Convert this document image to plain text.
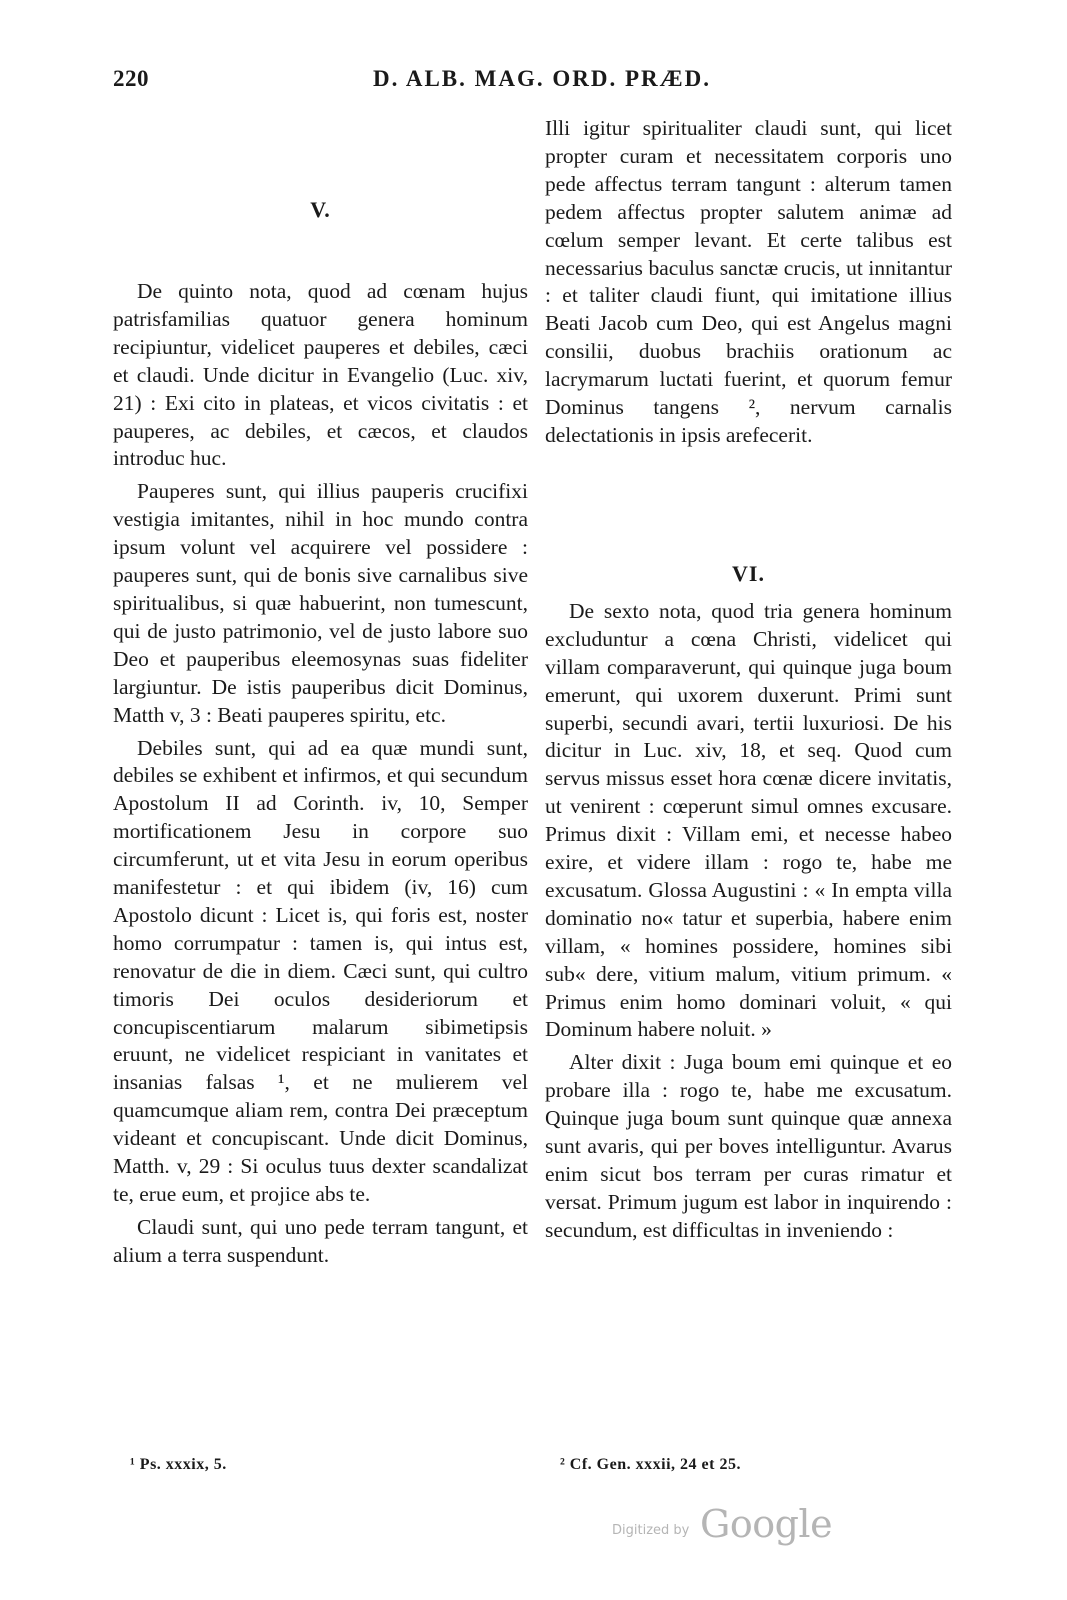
220	D. ALB. MAG. ORD. PRÆD.
V.

De quinto nota, quod ad cœnam hujus patrisfamilias quatuor genera hominum recipiuntur, videlicet pauperes et debiles, cæci et claudi. Unde dicitur in Evangelio (Luc. xiv, 21) : Exi cito in plateas, et vicos civitatis : et pauperes, ac debiles, et cæcos, et claudos introduc huc.

Pauperes sunt, qui illius pauperis crucifixi vestigia imitantes, nihil in hoc mundo contra ipsum volunt vel acquirere vel possidere : pauperes sunt, qui de bonis sive carnalibus sive spiritualibus, si quæ habuerint, non tumescunt, qui de justo patrimonio, vel de justo labore suo Deo et pauperibus eleemosynas suas fideliter largiuntur. De istis pauperibus dicit Dominus, Matth v, 3 : Beati pauperes spiritu, etc.

Debiles sunt, qui ad ea quæ mundi sunt, debiles se exhibent et infirmos, et qui secundum Apostolum II ad Corinth. iv, 10, Semper mortificationem Jesu in corpore suo circumferunt, ut et vita Jesu in eorum operibus manifestetur : et qui ibidem (iv, 16) cum Apostolo dicunt : Licet is, qui foris est, noster homo corrumpatur : tamen is, qui intus est, renovatur de die in diem. Cæci sunt, qui cultro timoris Dei oculos desideriorum et concupiscentiarum malarum sibimetipsis eruunt, ne videlicet respiciant in vanitates et insanias falsas ¹, et ne mulierem vel quamcumque aliam rem, contra Dei præceptum videant et concupiscant. Unde dicit Dominus, Matth. v, 29 : Si oculus tuus dexter scandalizat te, erue eum, et projice abs te.

Claudi sunt, qui uno pede terram tangunt, et alium a terra suspendunt.

Illi igitur spiritualiter claudi sunt, qui licet propter curam et necessitatem corporis uno pede affectus terram tangunt : alterum tamen pedem affectus propter salutem animæ ad cœlum semper levant. Et certe talibus est necessarius baculus sanctæ crucis, ut innitantur : et taliter claudi fiunt, qui imitatione illius Beati Jacob cum Deo, qui est Angelus magni consilii, duobus brachiis orationum ac lacrymarum luctati fuerint, et quorum femur Dominus tangens ², nervum carnalis delectationis in ipsis arefecerit.

De sexto nota, quod tria genera hominum excluduntur a cœna Christi, videlicet qui villam comparaverunt, qui quinque juga boum emerunt, qui uxorem duxerunt. Primi sunt superbi, secundi avari, tertii luxuriosi. De his dicitur in Luc. xiv, 18, et seq. Quod cum servus missus esset hora cœnæ dicere invitatis, ut venirent : cœperunt simul omnes excusare. Primus dixit : Villam emi, et necesse habeo exire, et videre illam : rogo te, habe me excusatum. Glossa Augustini : « In empta villa dominatio no« tatur et superbia, habere enim villam, « homines possidere, homines sibi sub« dere, vitium malum, vitium primum. « Primus enim homo dominari voluit, « qui Dominum habere noluit. »

Alter dixit : Juga boum emi quinque et eo probare illa : rogo te, habe me excusatum. Quinque juga boum sunt quinque quæ annexa sunt avaris, qui per boves intelliguntur. Avarus enim sicut bos terram per curas rimatur et versat. Primum jugum est labor in inquirendo : secundum, est difficultas in inveniendo :

VI.
¹ Ps. xxxix, 5.	² Cf. Gen. xxxii, 24 et 25.
Digitized by Google
